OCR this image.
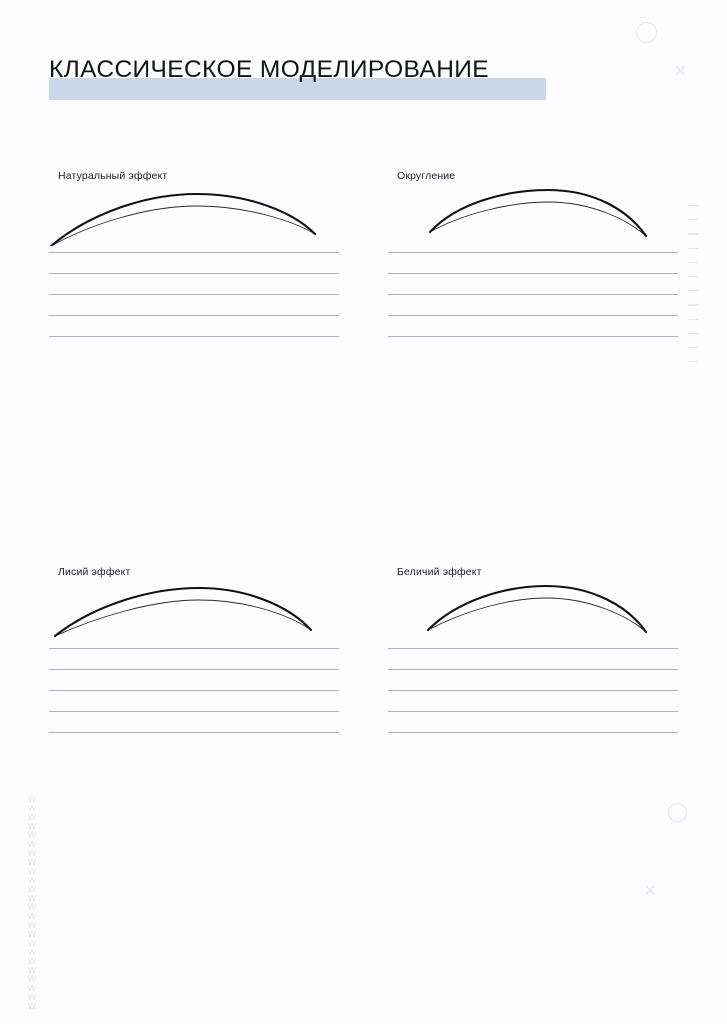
×
×
wwwwwwwwwwwwwwwwwwwwwwww
КЛАССИЧЕСКОЕ МОДЕЛИРОВАНИЕ
Натуральный эффект	Округление
Лисий эффект	Беличий эффект
